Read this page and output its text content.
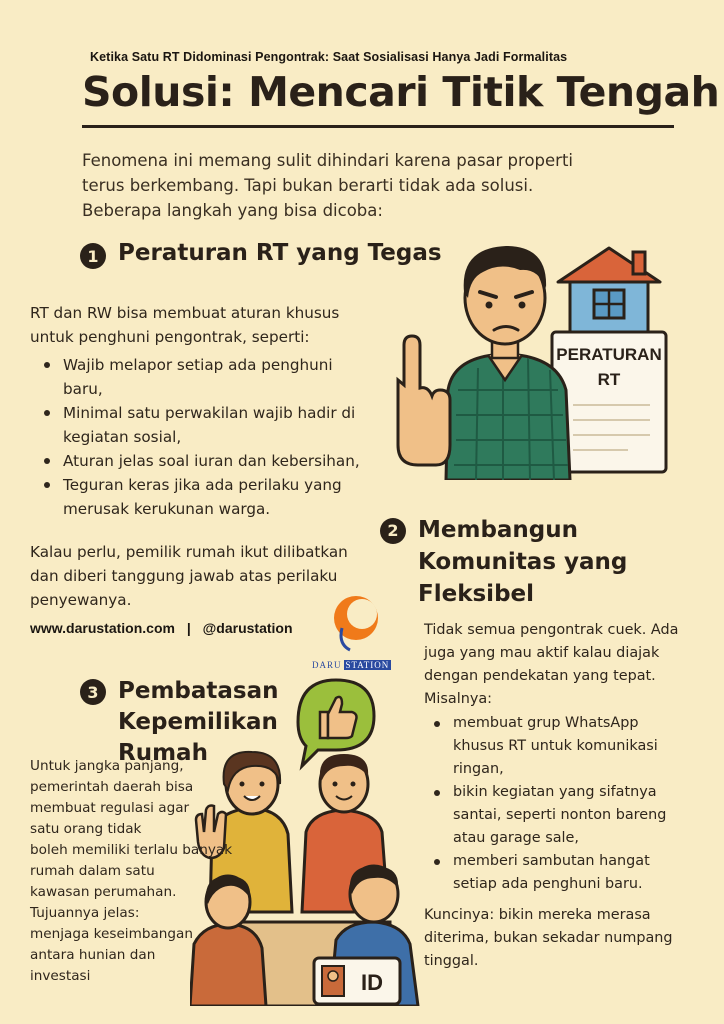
Ketika Satu RT Didominasi Pengontrak: Saat Sosialisasi Hanya Jadi Formalitas
Solusi: Mencari Titik Tengah
Fenomena ini memang sulit dihindari karena pasar properti
terus berkembang. Tapi bukan berarti tidak ada solusi.
Beberapa langkah yang bisa dicoba:
1 Peraturan RT yang Tegas
RT dan RW bisa membuat aturan khusus
untuk penghuni pengontrak, seperti:
Wajib melapor setiap ada penghuni
baru,
Minimal satu perwakilan wajib hadir di
kegiatan sosial,
Aturan jelas soal iuran dan kebersihan,
Teguran keras jika ada perilaku yang
merusak kerukunan warga.
Kalau perlu, pemilik rumah ikut dilibatkan
dan diberi tanggung jawab atas perilaku
penyewanya.
PERATURAN
RT
www.darustation.com | @darustation
DARU STATION
2 Membangun
Komunitas yang
Fleksibel
Tidak semua pengontrak cuek. Ada
juga yang mau aktif kalau diajak
dengan pendekatan yang tepat.
Misalnya:
membuat grup WhatsApp
khusus RT untuk komunikasi
ringan,
bikin kegiatan yang sifatnya
santai, seperti nonton bareng
atau garage sale,
memberi sambutan hangat
setiap ada penghuni baru.
Kuncinya: bikin mereka merasa
diterima, bukan sekadar numpang
tinggal.
ID
3 Pembatasan
Kepemilikan
Rumah
Untuk jangka panjang,
pemerintah daerah bisa
membuat regulasi agar
satu orang tidak
boleh memiliki terlalu banyak
rumah dalam satu
kawasan perumahan.
Tujuannya jelas:
menjaga keseimbangan
antara hunian dan
investasi
